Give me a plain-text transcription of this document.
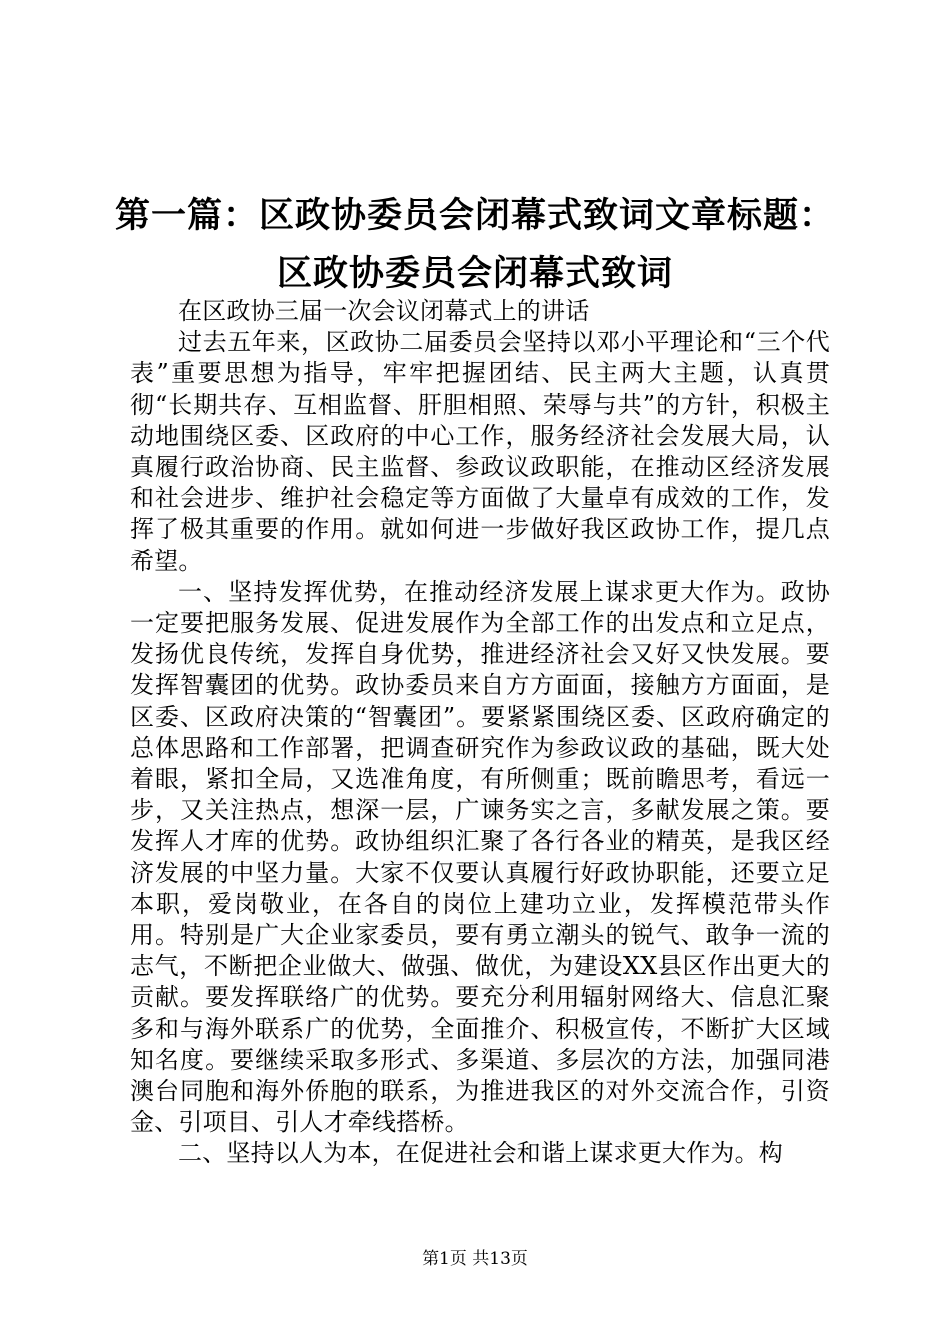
第一篇：区政协委员会闭幕式致词文章标题：
区政协委员会闭幕式致词

在区政协三届一次会议闭幕式上的讲话

过去五年来，区政协二届委员会坚持以邓小平理论和“三个代表”重要思想为指导，牢牢把握团结、民主两大主题，认真贯彻“长期共存、互相监督、肝胆相照、荣辱与共”的方针，积极主动地围绕区委、区政府的中心工作，服务经济社会发展大局，认真履行政治协商、民主监督、参政议政职能，在推动区经济发展和社会进步、维护社会稳定等方面做了大量卓有成效的工作，发挥了极其重要的作用。就如何进一步做好我区政协工作，提几点希望。

一、坚持发挥优势，在推动经济发展上谋求更大作为。政协一定要把服务发展、促进发展作为全部工作的出发点和立足点，发扬优良传统，发挥自身优势，推进经济社会又好又快发展。要发挥智囊团的优势。政协委员来自方方面面，接触方方面面，是区委、区政府决策的“智囊团”。要紧紧围绕区委、区政府确定的总体思路和工作部署，把调查研究作为参政议政的基础，既大处着眼，紧扣全局，又选准角度，有所侧重；既前瞻思考，看远一步，又关注热点，想深一层，广谏务实之言，多献发展之策。要发挥人才库的优势。政协组织汇聚了各行各业的精英，是我区经济发展的中坚力量。大家不仅要认真履行好政协职能，还要立足本职，爱岗敬业，在各自的岗位上建功立业，发挥模范带头作用。特别是广大企业家委员，要有勇立潮头的锐气、敢争一流的志气，不断把企业做大、做强、做优，为建设XX县区作出更大的贡献。要发挥联络广的优势。要充分利用辐射网络大、信息汇聚多和与海外联系广的优势，全面推介、积极宣传，不断扩大区域知名度。要继续采取多形式、多渠道、多层次的方法，加强同港澳台同胞和海外侨胞的联系，为推进我区的对外交流合作，引资金、引项目、引人才牵线搭桥。

二、坚持以人为本，在促进社会和谐上谋求更大作为。构

第1页 共13页
